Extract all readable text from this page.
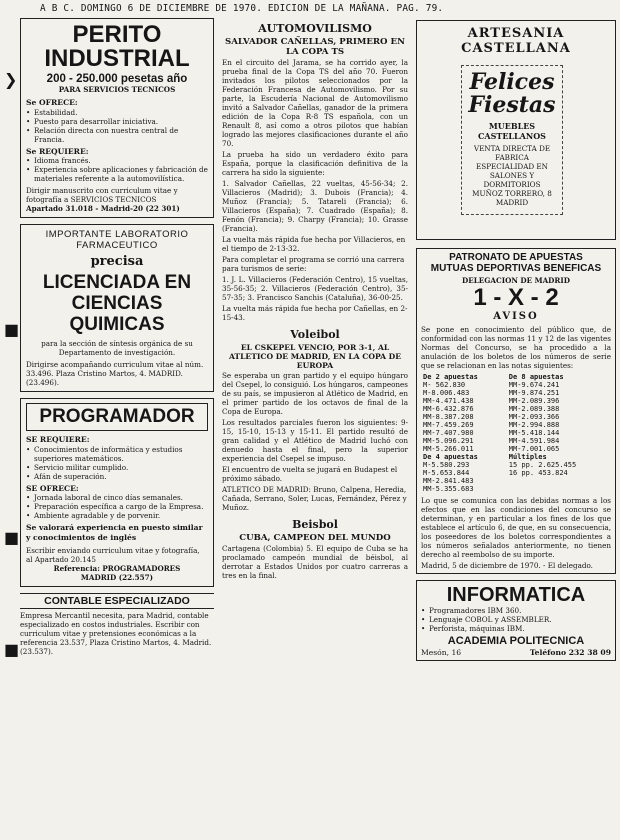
A B C. DOMINGO 6 DE DICIEMBRE DE 1970. EDICION DE LA MAÑANA. PAG. 79.
❯
■
■
■
PERITO INDUSTRIAL
200 - 250.000 pesetas año
PARA SERVICIOS TECNICOS
Se OFRECE:
• Estabilidad.
• Puesto para desarrollar iniciativa.
• Relación directa con nuestra central de Francia.
Se REQUIERE:
• Idioma francés.
• Experiencia sobre aplicaciones y fabricación de materiales referente a la automovilística.
Dirigir manuscrito con curriculum vitae y fotografía a SERVICIOS TECNICOS
Apartado 31.018 - Madrid-20 (22 301)
IMPORTANTE LABORATORIO
FARMACEUTICO
precisa
LICENCIADA EN CIENCIAS QUIMICAS
para la sección de síntesis orgánica de su Departamento de investigación.
Dirigirse acompañando curriculum vitae al núm. 33.496. Plaza Cristino Martos, 4. MADRID. (23.496).
PROGRAMADOR
SE REQUIERE:
• Conocimientos de informática y estudios superiores matemáticos.
• Servicio militar cumplido.
• Afán de superación.
SE OFRECE:
• Jornada laboral de cinco días semanales.
• Preparación específica a cargo de la Empresa.
• Ambiente agradable y de porvenir.
Se valorará experiencia en puesto similar y conocimientos de inglés
Escribir enviando curriculum vitae y fotografía, al Apartado 20.145
Referencia: PROGRAMADORES
MADRID (22.557)
CONTABLE ESPECIALIZADO
Empresa Mercantil necesita, para Madrid, contable especializado en costos industriales. Escribir con curriculum vitae y pretensiones económicas a la referencia 23.537, Plaza Cristino Martos, 4. Madrid. (23.537).
AUTOMOVILISMO
SALVADOR CAÑELLAS, PRIMERO EN LA COPA TS
En el circuito del Jarama, se ha corrido ayer, la prueba final de la Copa TS del año 70. Fueron invitados los pilotos seleccionados por la Federación Francesa de Automovilismo. Por su parte, la Escudería Nacional de Automovilismo invitó a Salvador Cañellas, ganador de la primera edición de la Copa R-8 TS española, con un Renault 8, así como a otros pilotos que habían logrado las mejores clasificaciones durante el año 70.
La prueba ha sido un verdadero éxito para España, porque la clasificación definitiva de la carrera ha sido la siguiente:
1. Salvador Cañellas, 22 vueltas, 45-56-34; 2. Villacieros (Madrid); 3. Dubois (Francia); 4. Muñoz (Francia); 5. Tatareli (Francia); 6. Villacieros (España); 7. Cuadrado (España); 8. Fenón (Francia); 9. Charpy (Francia); 10. Grasse (Francia).
La vuelta más rápida fue hecha por Villacieros, en el tiempo de 2-13-32.
Para completar el programa se corrió una carrera para turismos de serie:
1. J. L. Villacieros (Federación Centro), 15 vueltas, 35-56-35; 2. Villacieros (Federación Centro), 35-57-35; 3. Francisco Sanchis (Cataluña), 36-00-25.
La vuelta más rápida fue hecha por Cañellas, en 2-15-43.
Voleibol
EL CSKEPEL VENCIO, POR 3-1, AL ATLETICO DE MADRID, EN LA COPA DE EUROPA
Se esperaba un gran partido y el equipo húngaro del Csepel, lo consiguió. Los húngaros, campeones de su país, se impusieron al Atlético de Madrid, en el primer partido de los octavos de final de la Copa de Europa.
Los resultados parciales fueron los siguientes: 9-15, 15-10, 15-13 y 15-11. El partido resultó de gran calidad y el Atlético de Madrid luchó con denuedo hasta el final, pero la superior experiencia del Csepel se impuso.
El encuentro de vuelta se jugará en Budapest el próximo sábado.
ATLETICO DE MADRID: Bruno, Calpena, Heredia, Cañada, Serrano, Soler, Lucas, Fernández, Pérez y Muñoz.
Beisbol
CUBA, CAMPEON DEL MUNDO
Cartagena (Colombia) 5. El equipo de Cuba se ha proclamado campeón mundial de béisbol, al derrotar a Estados Unidos por cuatro carreras a tres en la final.
ARTESANIA CASTELLANA
Felices
Fiestas
MUEBLES CASTELLANOS
VENTA DIRECTA DE FABRICA
ESPECIALIDAD EN
SALONES Y DORMITORIOS
MUÑOZ TORRERO, 8
MADRID
PATRONATO DE APUESTAS
MUTUAS DEPORTIVAS BENEFICAS
DELEGACION DE MADRID
1 - X - 2
AVISO
Se pone en conocimiento del público que, de conformidad con las normas 11 y 12 de las vigentes Normas del Concurso, se ha procedido a la anulación de los boletos de los números de serie que se relacionan en las notas siguientes:
De 2 apuestas	De 8 apuestas
M- 562.830	MM-9.674.241
M-8.006.483	MM-9.874.251
MM-4.471.438	MM-2.089.396
MM-6.432.876	MM-2.089.388
MM-8.387.208	MM-2.093.366
MM-7.459.269	MM-2.994.888
MM-7.407.980	MM-5.418.144
MM-5.096.291	MM-4.591.984
MM-5.266.011	MM-7.001.065
De 4 apuestas	Múltiples
M-5.580.293	15 pp. 2.625.455
M-5.653.844	16 pp. 453.824
MM-2.841.483	
MM-5.355.683	
Lo que se comunica con las debidas normas a los efectos que en las condiciones del concurso se determinan, y en particular a los fines de los que establece el artículo 6, de que, en su consecuencia, los poseedores de los boletos correspondientes a los números señalados anteriormente, no tienen derecho al reembolso de su importe.
Madrid, 5 de diciembre de 1970. - El delegado.
INFORMATICA
• Programadores IBM 360.
• Lenguaje COBOL y ASSEMBLER.
• Perforista, máquinas IBM.
ACADEMIA POLITECNICA
Mesón, 16	Teléfono 232 38 09
